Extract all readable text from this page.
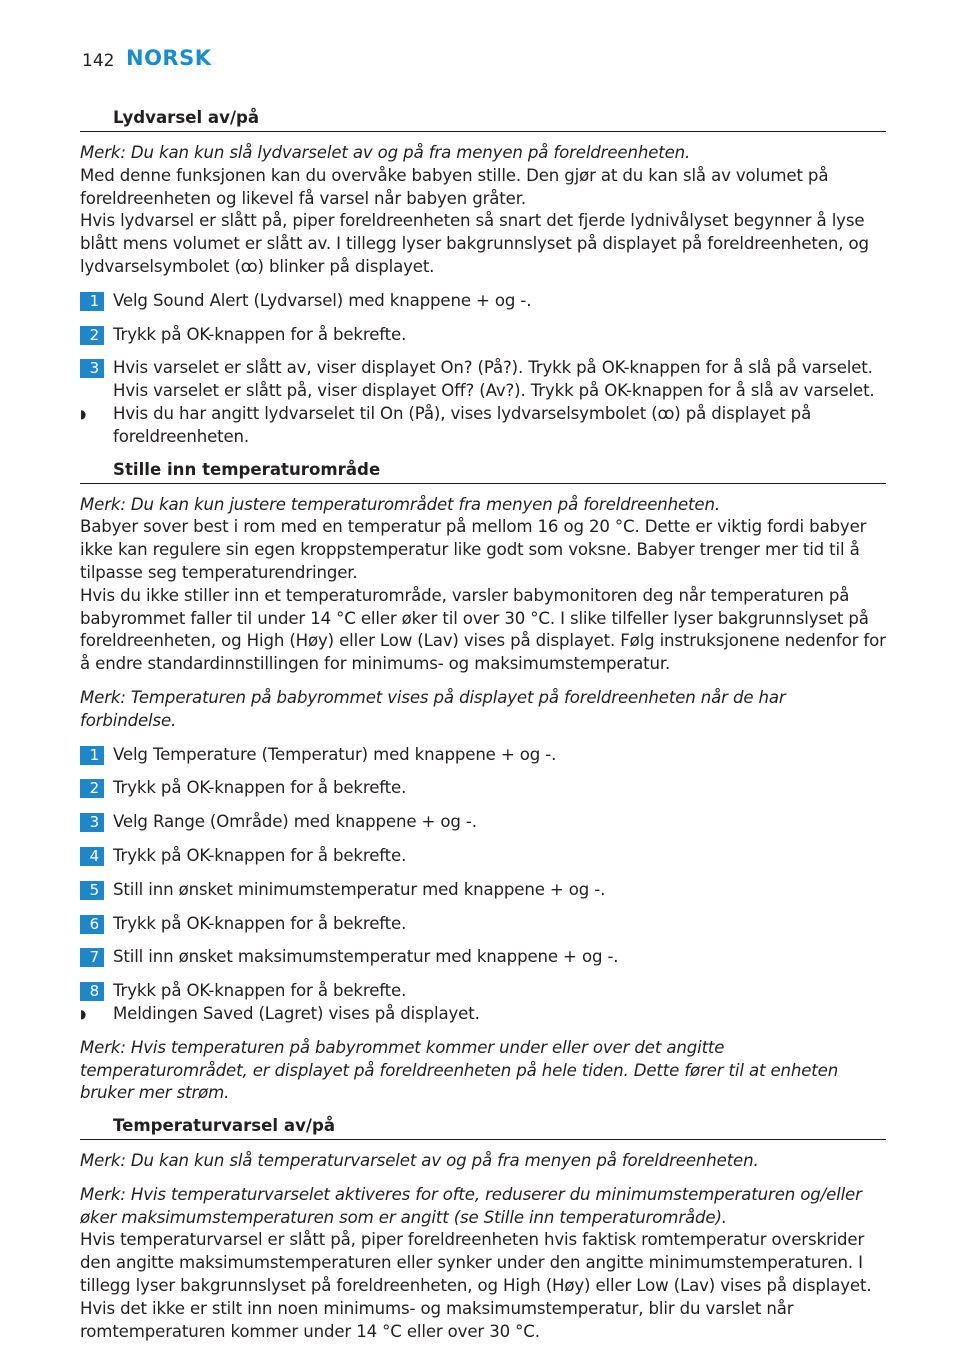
142 NORSK
Lydvarsel av/på

Merk: Du kan kun slå lydvarselet av og på fra menyen på foreldreenheten.

Med denne funksjonen kan du overvåke babyen stille. Den gjør at du kan slå av volumet på foreldreenheten og likevel få varsel når babyen gråter.

Hvis lydvarsel er slått på, piper foreldreenheten så snart det fjerde lydnivålyset begynner å lyse blått mens volumet er slått av. I tillegg lyser bakgrunnslyset på displayet på foreldreenheten, og lydvarselsymbolet (ꝏ) blinker på displayet.

1 Velg Sound Alert (Lydvarsel) med knappene + og -.
2 Trykk på OK-knappen for å bekrefte.
3 Hvis varselet er slått av, viser displayet On? (På?). Trykk på OK-knappen for å slå på varselet. Hvis varselet er slått på, viser displayet Off? (Av?). Trykk på OK-knappen for å slå av varselet.
◗ Hvis du har angitt lydvarselet til On (På), vises lydvarselsymbolet (ꝏ) på displayet på foreldreenheten.
Stille inn temperaturområde

Merk: Du kan kun justere temperaturområdet fra menyen på foreldreenheten.

Babyer sover best i rom med en temperatur på mellom 16 og 20 °C. Dette er viktig fordi babyer ikke kan regulere sin egen kroppstemperatur like godt som voksne. Babyer trenger mer tid til å tilpasse seg temperaturendringer.

Hvis du ikke stiller inn et temperaturområde, varsler babymonitoren deg når temperaturen på babyrommet faller til under 14 °C eller øker til over 30 °C. I slike tilfeller lyser bakgrunnslyset på foreldreenheten, og High (Høy) eller Low (Lav) vises på displayet. Følg instruksjonene nedenfor for å endre standardinnstillingen for minimums- og maksimumstemperatur.

Merk: Temperaturen på babyrommet vises på displayet på foreldreenheten når de har forbindelse.

1 Velg Temperature (Temperatur) med knappene + og -.
2 Trykk på OK-knappen for å bekrefte.
3 Velg Range (Område) med knappene + og -.
4 Trykk på OK-knappen for å bekrefte.
5 Still inn ønsket minimumstemperatur med knappene + og -.
6 Trykk på OK-knappen for å bekrefte.
7 Still inn ønsket maksimumstemperatur med knappene + og -.
8 Trykk på OK-knappen for å bekrefte.
◗ Meldingen Saved (Lagret) vises på displayet.

Merk: Hvis temperaturen på babyrommet kommer under eller over det angitte temperaturområdet, er displayet på foreldreenheten på hele tiden. Dette fører til at enheten bruker mer strøm.

Temperaturvarsel av/på

Merk: Du kan kun slå temperaturvarselet av og på fra menyen på foreldreenheten.

Merk: Hvis temperaturvarselet aktiveres for ofte, reduserer du minimumstemperaturen og/eller øker maksimumstemperaturen som er angitt (se Stille inn temperaturområde).

Hvis temperaturvarsel er slått på, piper foreldreenheten hvis faktisk romtemperatur overskrider den angitte maksimumstemperaturen eller synker under den angitte minimumstemperaturen. I tillegg lyser bakgrunnslyset på foreldreenheten, og High (Høy) eller Low (Lav) vises på displayet. Hvis det ikke er stilt inn noen minimums- og maksimumstemperatur, blir du varslet når romtemperaturen kommer under 14 °C eller over 30 °C.
